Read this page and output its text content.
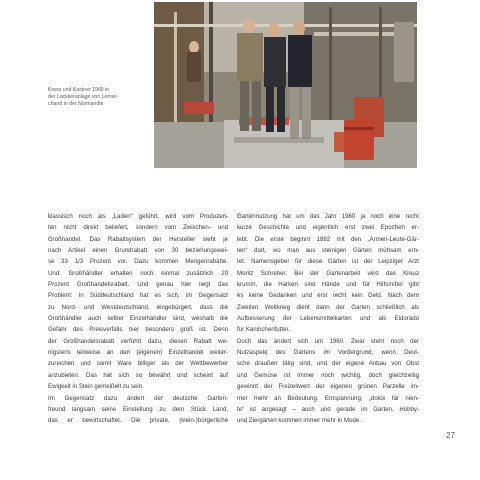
Kress und Kastner 1965 in
der Lackiieranlage von Lemar-
chand in der Normandie
klassisch noch als „Laden“ geführt, wird vom Produzen-
ten nicht direkt beliefert, sondern vom Zwischen- und
Großhandel. Das Rabattsystem der Hersteller sieht je
nach Artikel einen Grundrabatt von 30 beziehungswei-
se 33 1/3 Prozent vor. Dazu kommen Mengenrabatte.
Und: Großhändler erhalten noch einmal zusätzlich 20
Prozent Großhandelsrabatt. Und genau hier liegt das
Problem: In Süddeutschland hat es sich, im Gegensatz
zu Nord- und Westdeutschland, eingebürgert, dass die
Großhändler auch selber Einzelhändler sind, weshalb die
Gefahr des Preisverfalls hier besonders groß ist. Denn
der Großhandelsrabatt verführt dazu, diesen Rabatt we-
nigstens teilweise an den (eigenen) Einzelhandel weiter-
zureichen und somit Ware billiger als der Wettbewerber
anzubieten. Das hat sich so bewährt und scheint auf
Ewigkeit in Stein gemeißelt zu sein.
Im Gegensatz dazu ändert der deutsche Garten-
freund langsam seine Einstellung zu dem Stück Land,
das er bewirtschaftet. Die private, (klein-)bürgerliche
Gartennutzung hat um das Jahr 1960 ja noch eine recht
kurze Geschichte und eigentlich erst zwei Epochen er-
lebt. Die erste beginnt 1882 mit den „Armen-Leute-Gär-
ten“ dort, wo man aus steinigen Gärten mühsam ern-
tet. Namensgeber für diese Gärten ist der Leipziger Arzt
Moritz Schreber. Bei der Gartenarbeit wird das Kreuz
krumm, die Harken sind Hände und für Hilfsmittel gibt
es keine Gedanken und erst recht kein Geld. Nach dem
Zweiten Weltkrieg dient dann der Garten schließlich als
Aufbesserung der Lebensmittelkarten und als Eldorado
für Kaninchenfutter.
Doch das ändert sich um 1960. Zwar steht noch der
Nutzaspekt des Gartens im Vordergrund, wenn Deut-
sche draußen tätig sind, und der eigene Anbau von Obst
und Gemüse ist immer noch wichtig, doch gleichzeitig
gewinnt der Freizeitwert der eigenen grünen Parzelle im-
mer mehr an Bedeutung. Entspannung, „dolce far nien-
te“ ist angesagt – auch und gerade im Garten. Hobby-
und Ziergärten kommen immer mehr in Mode.
27
